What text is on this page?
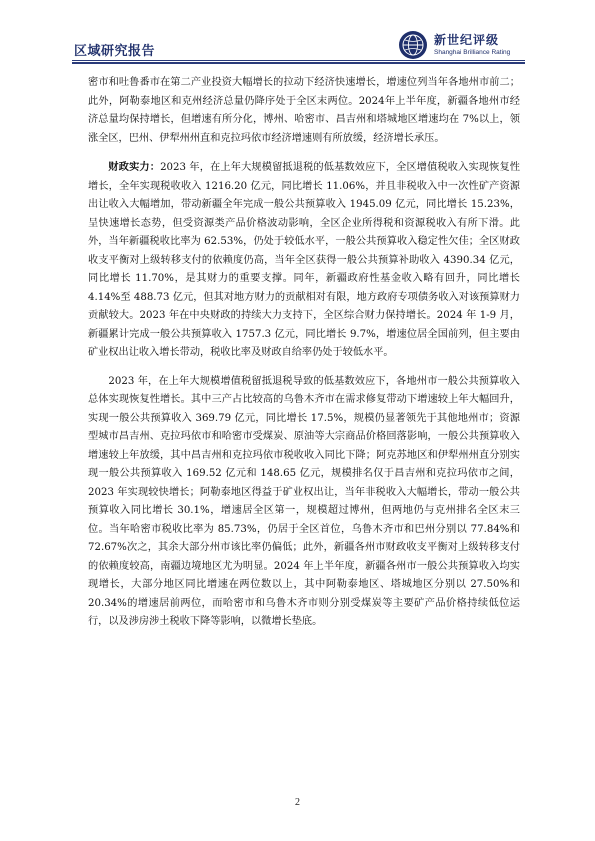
区域研究报告
新世纪评级
Shanghai Brilliance Rating

密市和吐鲁番市在第二产业投资大幅增长的拉动下经济快速增长，增速位列当年各地州市前二；此外，阿勒泰地区和克州经济总量仍降序处于全区末两位。2024年上半年度，新疆各地州市经济总量均保持增长，但增速有所分化，博州、哈密市、昌吉州和塔城地区增速均在 7%以上，领涨全区，巴州、伊犁州州直和克拉玛依市经济增速则有所放缓，经济增长承压。

财政实力：2023 年，在上年大规模留抵退税的低基数效应下，全区增值税收入实现恢复性增长，全年实现税收收入 1216.20 亿元，同比增长 11.06%，并且非税收入中一次性矿产资源出让收入大幅增加，带动新疆全年完成一般公共预算收入 1945.09 亿元，同比增长 15.23%，呈快速增长态势，但受资源类产品价格波动影响，全区企业所得税和资源税收入有所下滑。此外，当年新疆税收比率为 62.53%，仍处于较低水平，一般公共预算收入稳定性欠佳；全区财政收支平衡对上级转移支付的依赖度仍高，当年全区获得一般公共预算补助收入 4390.34 亿元，同比增长 11.70%，是其财力的重要支撑。同年，新疆政府性基金收入略有回升，同比增长 4.14%至 488.73 亿元，但其对地方财力的贡献相对有限，地方政府专项债务收入对该预算财力贡献较大。2023 年在中央财政的持续大力支持下，全区综合财力保持增长。2024 年 1-9 月，新疆累计完成一般公共预算收入 1757.3 亿元，同比增长 9.7%，增速位居全国前列，但主要由矿业权出让收入增长带动，税收比率及财政自给率仍处于较低水平。

2023 年，在上年大规模增值税留抵退税导致的低基数效应下，各地州市一般公共预算收入总体实现恢复性增长。其中三产占比较高的乌鲁木齐市在需求修复带动下增速较上年大幅回升，实现一般公共预算收入 369.79 亿元，同比增长 17.5%，规模仍显著领先于其他地州市；资源型城市昌吉州、克拉玛依市和哈密市受煤炭、原油等大宗商品价格回落影响，一般公共预算收入增速较上年放缓，其中昌吉州和克拉玛依市税收收入同比下降；阿克苏地区和伊犁州州直分别实现一般公共预算收入 169.52 亿元和 148.65 亿元，规模排名仅于昌吉州和克拉玛依市之间，2023 年实现较快增长；阿勒泰地区得益于矿业权出让，当年非税收入大幅增长，带动一般公共预算收入同比增长 30.1%，增速居全区第一，规模超过博州，但两地仍与克州排名全区末三位。当年哈密市税收比率为 85.73%，仍居于全区首位，乌鲁木齐市和巴州分别以 77.84%和 72.67%次之，其余大部分州市该比率仍偏低；此外，新疆各州市财政收支平衡对上级转移支付的依赖度较高，南疆边境地区尤为明显。2024 年上半年度，新疆各州市一般公共预算收入均实现增长，大部分地区同比增速在两位数以上，其中阿勒泰地区、塔城地区分别以 27.50%和 20.34%的增速居前两位，而哈密市和乌鲁木齐市则分别受煤炭等主要矿产品价格持续低位运行，以及涉房涉土税收下降等影响，以微增长垫底。

2
